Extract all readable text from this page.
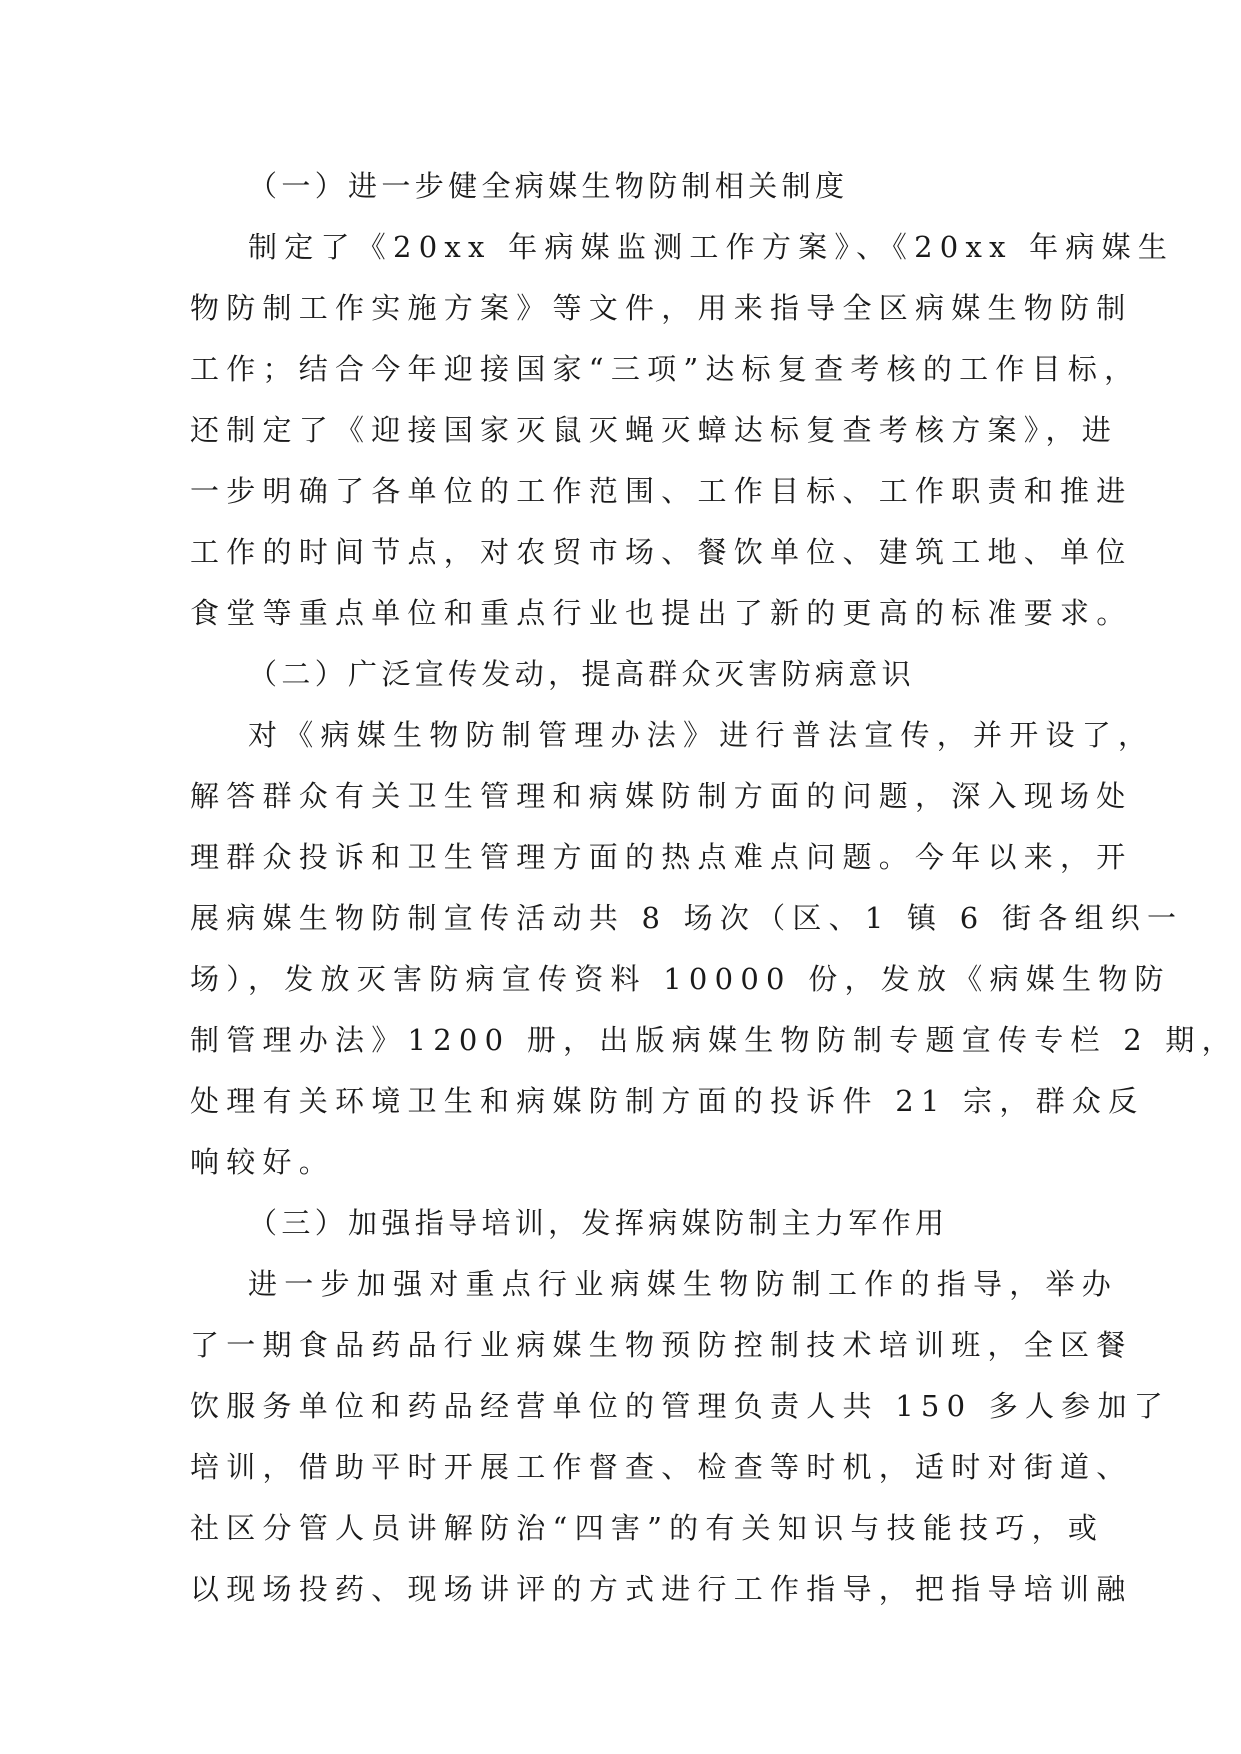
（一）进一步健全病媒生物防制相关制度
制定了《20xx 年病媒监测工作方案》、《20xx 年病媒生
物防制工作实施方案》等文件，用来指导全区病媒生物防制
工作；结合今年迎接国家“三项”达标复查考核的工作目标，
还制定了《迎接国家灭鼠灭蝇灭蟑达标复查考核方案》，进
一步明确了各单位的工作范围、工作目标、工作职责和推进
工作的时间节点，对农贸市场、餐饮单位、建筑工地、单位
食堂等重点单位和重点行业也提出了新的更高的标准要求。
（二）广泛宣传发动，提高群众灭害防病意识
对《病媒生物防制管理办法》进行普法宣传，并开设了，
解答群众有关卫生管理和病媒防制方面的问题，深入现场处
理群众投诉和卫生管理方面的热点难点问题。今年以来，开
展病媒生物防制宣传活动共 8 场次（区、1 镇 6 街各组织一
场），发放灭害防病宣传资料 10000 份，发放《病媒生物防
制管理办法》1200 册，出版病媒生物防制专题宣传专栏 2 期，
处理有关环境卫生和病媒防制方面的投诉件 21 宗，群众反
响较好。
（三）加强指导培训，发挥病媒防制主力军作用
进一步加强对重点行业病媒生物防制工作的指导，举办
了一期食品药品行业病媒生物预防控制技术培训班，全区餐
饮服务单位和药品经营单位的管理负责人共 150 多人参加了
培训，借助平时开展工作督查、检查等时机，适时对街道、
社区分管人员讲解防治“四害”的有关知识与技能技巧，或
以现场投药、现场讲评的方式进行工作指导，把指导培训融
